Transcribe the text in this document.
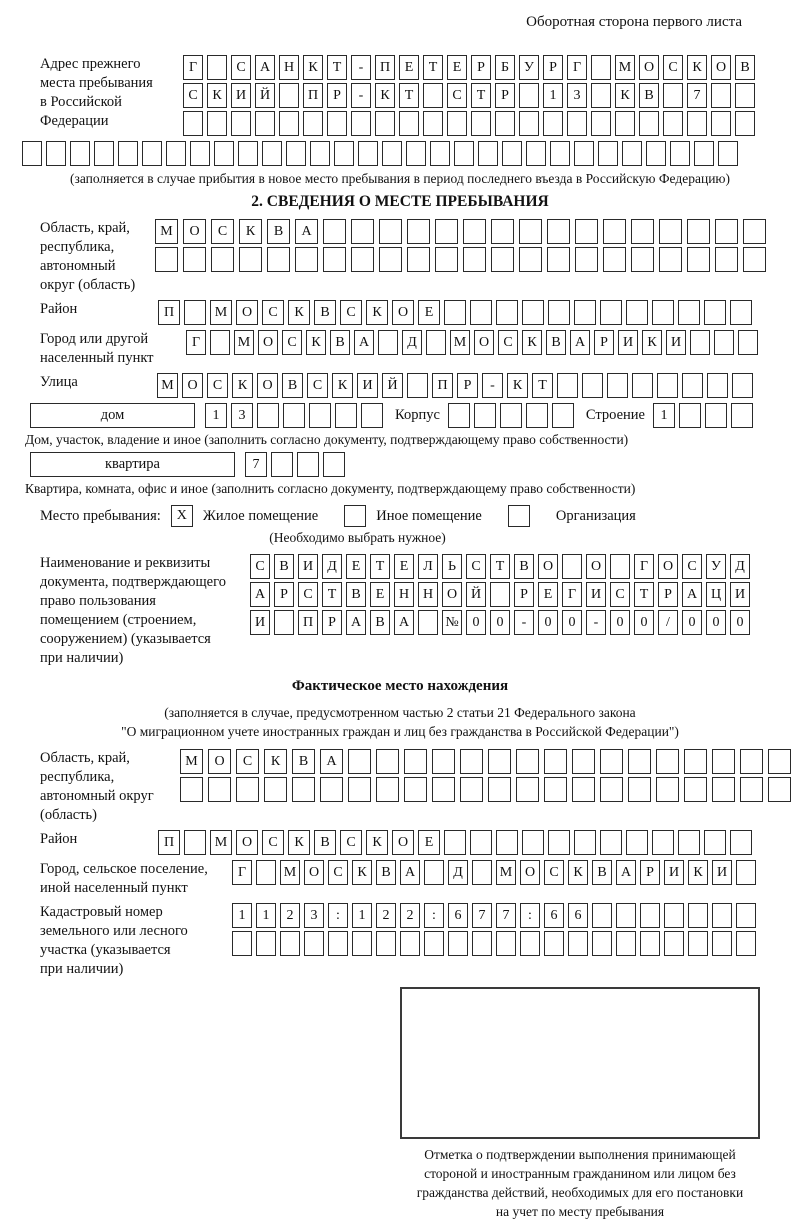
Оборотная сторона первого листа
Адрес прежнего
места пребывания
в Российской
Федерации
Г	С	А Н	К	Т	-	П	Е	Т	Е	Р	Б	У	Р	Г	М О	С	К	О	В
С	К	И Й	П	Р	-	К	Т	С	Т	Р	1	3	К	В	7
(заполняется в случае прибытия в новое место пребывания в период последнего въезда в Российскую Федерацию)
2. СВЕДЕНИЯ О МЕСТЕ ПРЕБЫВАНИЯ
Область, край,
республика,
автономный
округ (область)
М	О	С	К	В	А
Район	П	М	О	С	К	В	С	К	О	Е
Город или другой
населенный пункт
Г	М О	С	К	В	А	Д	М О	С	К	В	А	Р	И	К	И
Улица	М О	С	К	О	В	С	К	И	Й	П	Р	-	К	Т
дом	1	3	Корпус	Строение	1
Дом, участок, владение и иное (заполнить согласно документу, подтверждающему право собственности)
квартира	7
Квартира, комната, офис и иное (заполнить согласно документу, подтверждающему право собственности)
Место пребывания:	X	Жилое помещение	Иное помещение	Организация
(Необходимо выбрать нужное)
Наименование и реквизиты
документа, подтверждающего
право пользования
помещением (строением,
сооружением) (указывается
при наличии)
С	В	И	Д	Е	Т	Е	Л	Ь	С	Т	В	О	О	Г	О	С	У	Д
А	Р	С	Т	В	Е	Н Н О Й	Р	Е	Г	И	С	Т	Р	А Ц И
И	П	Р	А	В	А	№ 0	0	-	0	0	-	0	0	/	0	0	0
Фактическое место нахождения
(заполняется в случае, предусмотренном частью 2 статьи 21 Федерального закона
"О миграционном учете иностранных граждан и лиц без гражданства в Российской Федерации")
Область, край,
республика,
автономный округ
(область)
М	О	С	К	В	А
Район	П	М	О	С	К	В	С	К	О	Е
Город, сельское поселение,
иной населенный пункт
Г	М О	С	К	В	А	Д	М О	С	К	В	А	Р	И	К	И
Кадастровый номер
земельного или лесного
участка (указывается
при наличии)
1	1	2	3	:	1	2	2	:	6	7	7	:	6	6
Отметка о подтверждении выполнения принимающей
стороной и иностранным гражданином или лицом без
гражданства действий, необходимых для его постановки
на учет по месту пребывания
